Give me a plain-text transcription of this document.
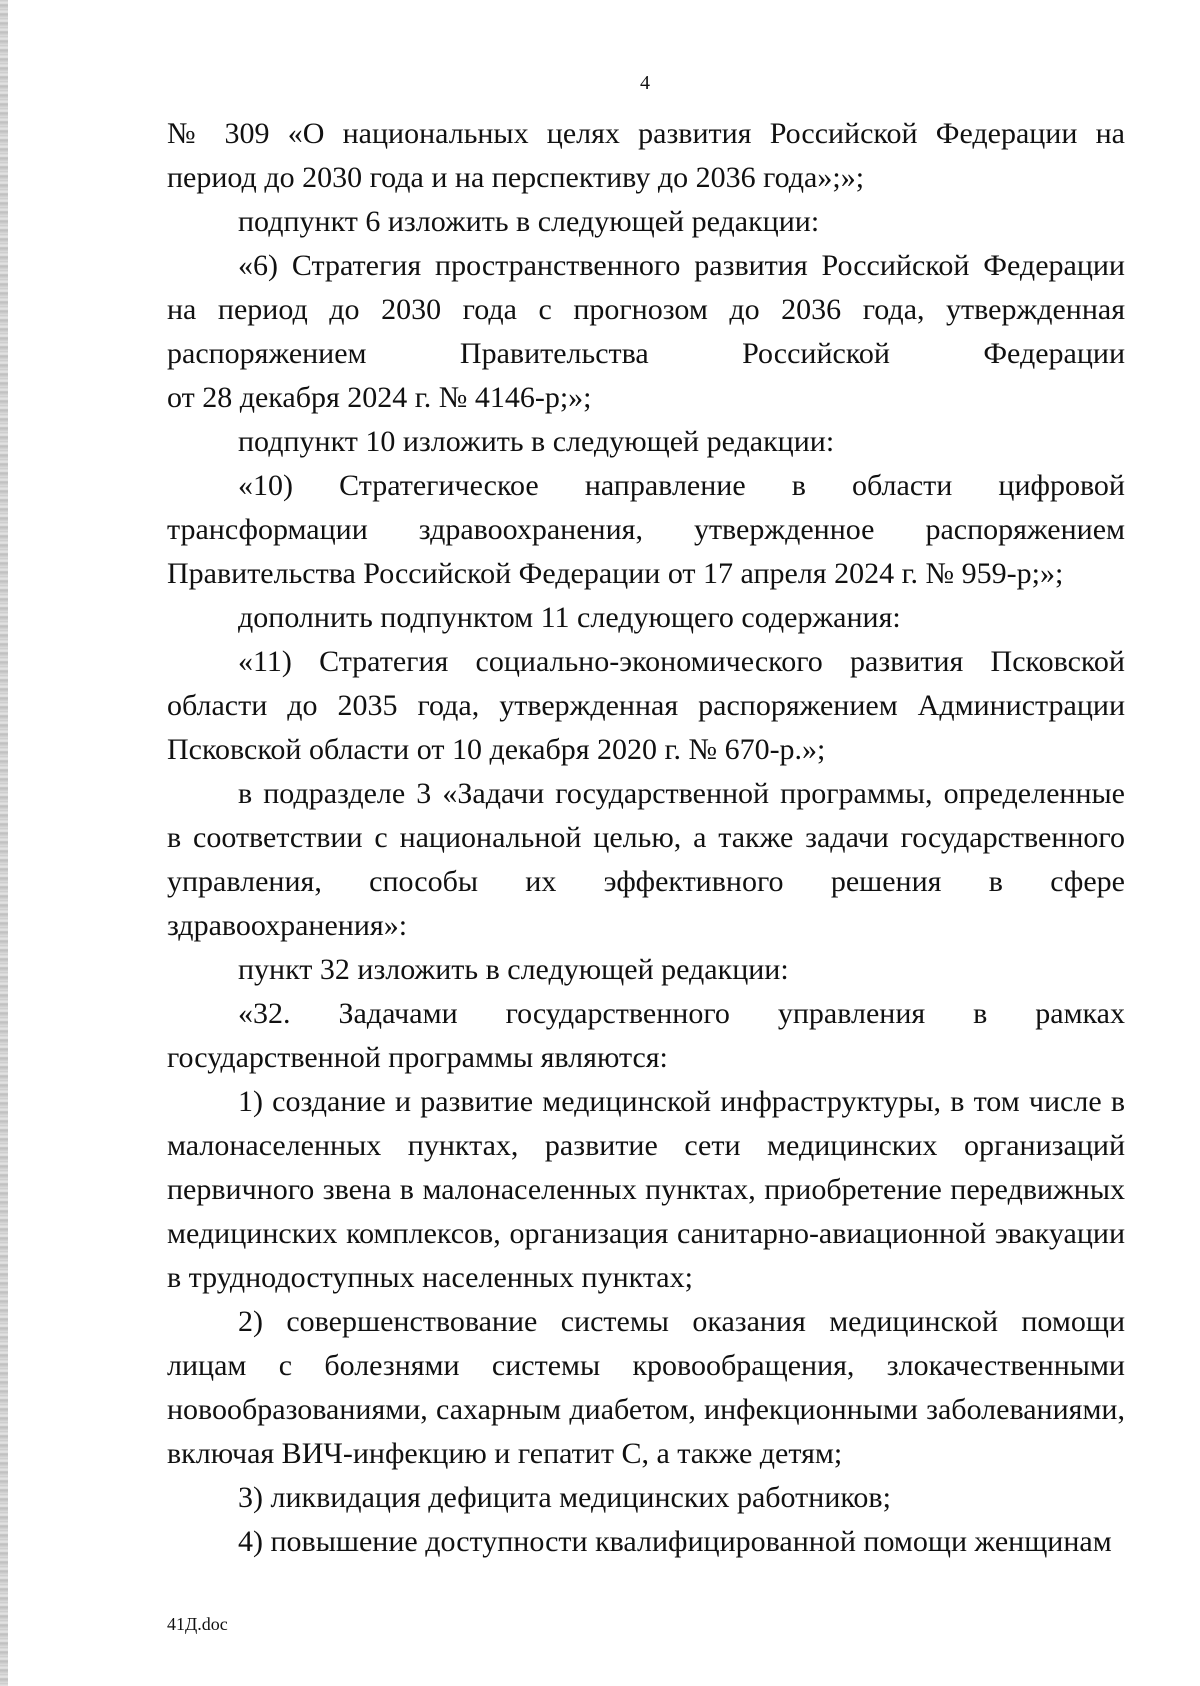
4

№ 309 «О национальных целях развития Российской Федерации на период до 2030 года и на перспективу до 2036 года»;»;

подпункт 6 изложить в следующей редакции:

«6) Стратегия пространственного развития Российской Федерации на период до 2030 года с прогнозом до 2036 года, утвержденная распоряжением Правительства Российской Федерации

от 28 декабря 2024 г. № 4146-р;»;

подпункт 10 изложить в следующей редакции:

«10) Стратегическое направление в области цифровой трансформации здравоохранения, утвержденное распоряжением Правительства Российской Федерации от 17 апреля 2024 г. № 959-р;»;

дополнить подпунктом 11 следующего содержания:

«11) Стратегия социально-экономического развития Псковской области до 2035 года, утвержденная распоряжением Администрации Псковской области от 10 декабря 2020 г. № 670-р.»;

в подразделе 3 «Задачи государственной программы, определенные в соответствии с национальной целью, а также задачи государственного управления, способы их эффективного решения в сфере здравоохранения»:

пункт 32 изложить в следующей редакции:

«32. Задачами государственного управления в рамках государственной программы являются:

1) создание и развитие медицинской инфраструктуры, в том числе в малонаселенных пунктах, развитие сети медицинских организаций первичного звена в малонаселенных пунктах, приобретение передвижных медицинских комплексов, организация санитарно-авиационной эвакуации в труднодоступных населенных пунктах;

2) совершенствование системы оказания медицинской помощи лицам с болезнями системы кровообращения, злокачественными новообразованиями, сахарным диабетом, инфекционными заболеваниями, включая ВИЧ-инфекцию и гепатит С, а также детям;

3) ликвидация дефицита медицинских работников;

4) повышение доступности квалифицированной помощи женщинам

41Д.doc
